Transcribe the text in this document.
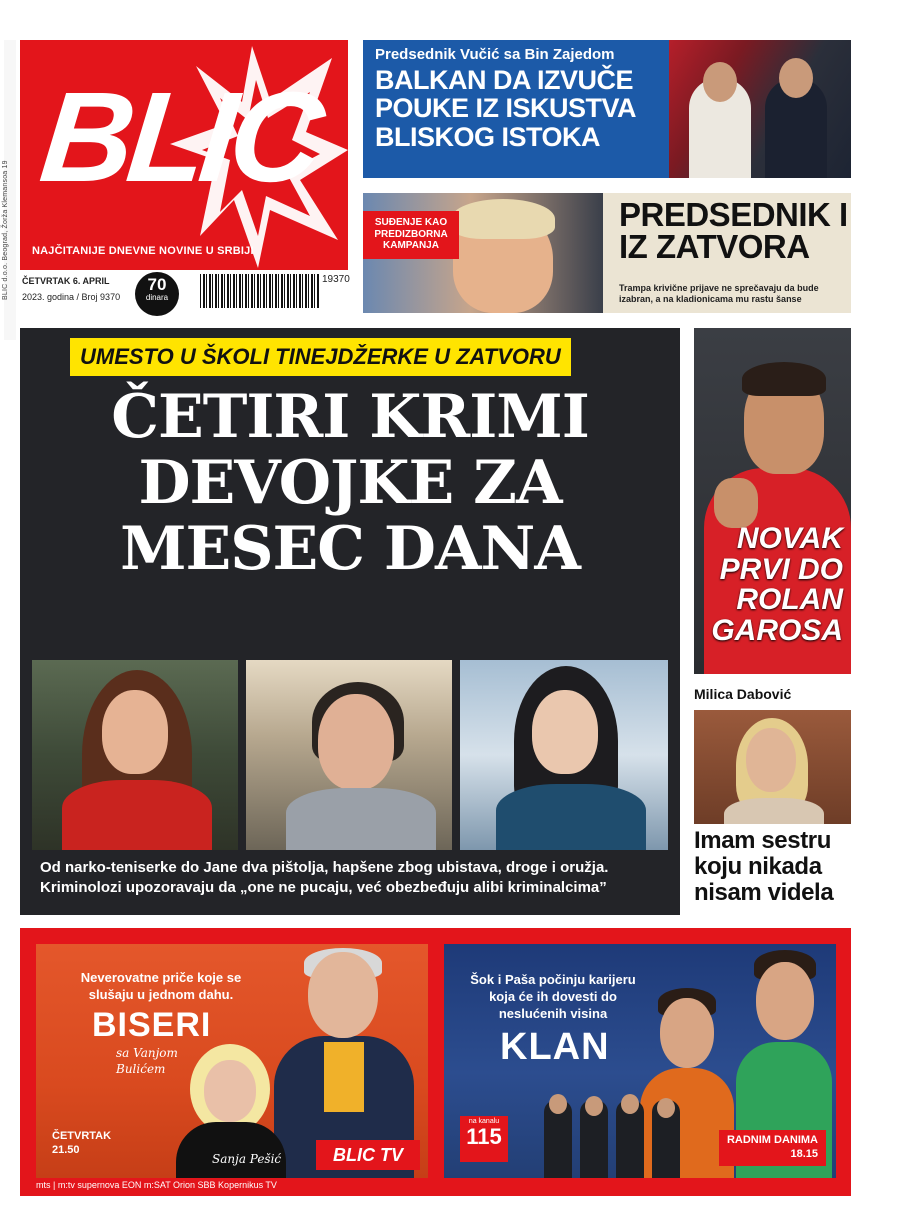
BLIC d.o.o. Beograd, Žorža Klemansoa 19
BLIC
NAJČITANIJE DNEVNE NOVINE U SRBIJI
ČETVRTAK 6. APRIL
2023. godina / Broj 9370
70
dinara
19370
Predsednik Vučić sa Bin Zajedom
BALKAN DA IZVUČE POUKE IZ ISKUSTVA BLISKOG ISTOKA
SUĐENJE KAO PREDIZBORNA KAMPANJA
PREDSEDNIK I IZ ZATVORA
Trampa krivične prijave ne sprečavaju da bude izabran, a na kladionicama mu rastu šanse
UMESTO U ŠKOLI TINEJDŽERKE U ZATVORU
ČETIRI KRIMI DEVOJKE ZA MESEC DANA
Od narko-teniserke do Jane dva pištolja, hapšene zbog ubistava, droge i oružja. Kriminolozi upozoravaju da „one ne pucaju, već obezbeđuju alibi kriminalcima”
NOVAK PRVI DO ROLAN GAROSA
Milica Dabović
Imam sestru koju nikada nisam videla
Neverovatne priče koje se slušaju u jednom dahu.
BISERI
sa Vanjom Bulićem
ČETVRTAK
21.50
Sanja Pešić	BLIC TV
Šok i Paša počinju karijeru koja će ih dovesti do neslućenih visina
KLAN
na kanalu
115	RADNIM DANIMA
18.15
mts | m:tv supernova EON m:SAT Orion SBB Kopernikus TV
